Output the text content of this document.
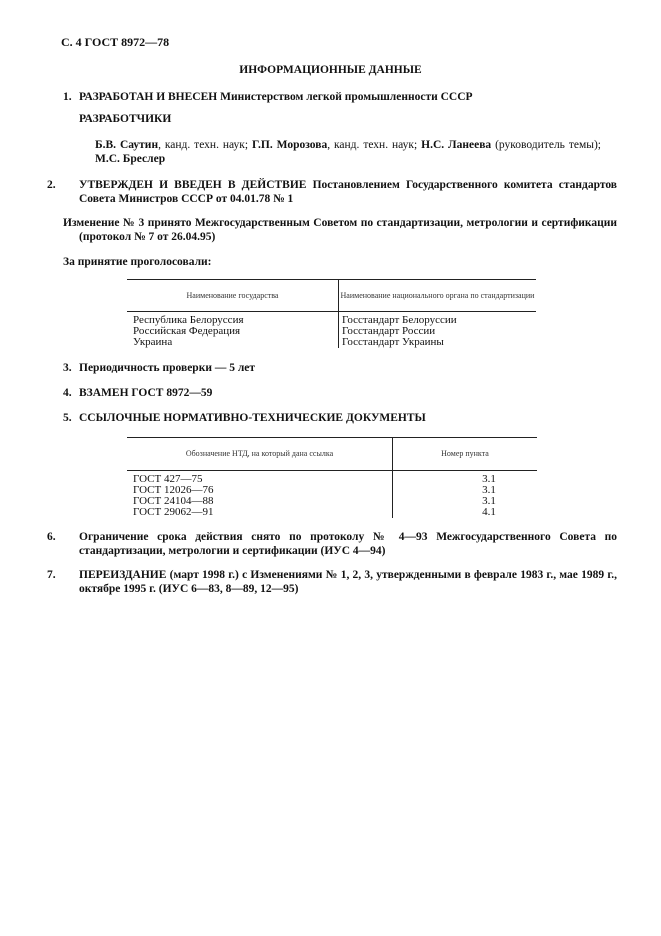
С. 4 ГОСТ 8972—78
ИНФОРМАЦИОННЫЕ ДАННЫЕ
1. РАЗРАБОТАН И ВНЕСЕН Министерством легкой промышленности СССР
РАЗРАБОТЧИКИ
Б.В. Саутин, канд. техн. наук; Г.П. Морозова, канд. техн. наук; Н.С. Ланеева (руководитель темы); М.С. Бреслер
2. УТВЕРЖДЕН И ВВЕДЕН В ДЕЙСТВИЕ Постановлением Государственного комитета стандартов Совета Министров СССР от 04.01.78 № 1
Изменение № 3 принято Межгосударственным Советом по стандартизации, метрологии и сертификации (протокол № 7 от 26.04.95)
За принятие проголосовали:
Наименование государства	Наименование национального органа по стандартизации
Республика Белоруссия	Госстандарт Белоруссии
Российская Федерация	Госстандарт России
Украина	Госстандарт Украины
3. Периодичность проверки — 5 лет
4. ВЗАМЕН ГОСТ 8972—59
5. ССЫЛОЧНЫЕ НОРМАТИВНО-ТЕХНИЧЕСКИЕ ДОКУМЕНТЫ
Обозначение НТД, на который дана ссылка	Номер пункта
ГОСТ 427—75	3.1
ГОСТ 12026—76	3.1
ГОСТ 24104—88	3.1
ГОСТ 29062—91	4.1
6. Ограничение срока действия снято по протоколу № 4—93 Межгосударственного Совета по стандартизации, метрологии и сертификации (ИУС 4—94)
7. ПЕРЕИЗДАНИЕ (март 1998 г.) с Изменениями № 1, 2, 3, утвержденными в феврале 1983 г., мае 1989 г., октябре 1995 г. (ИУС 6—83, 8—89, 12—95)
